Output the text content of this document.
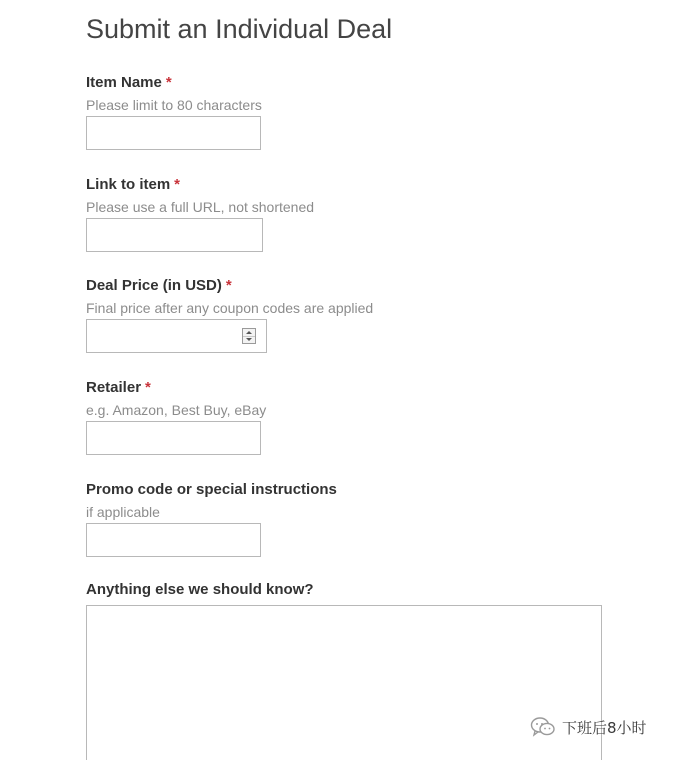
Submit an Individual Deal
Item Name *
Please limit to 80 characters
Link to item *
Please use a full URL, not shortened
Deal Price (in USD) *
Final price after any coupon codes are applied
Retailer *
e.g. Amazon, Best Buy, eBay
Promo code or special instructions
if applicable
Anything else we should know?
下班后8小时
